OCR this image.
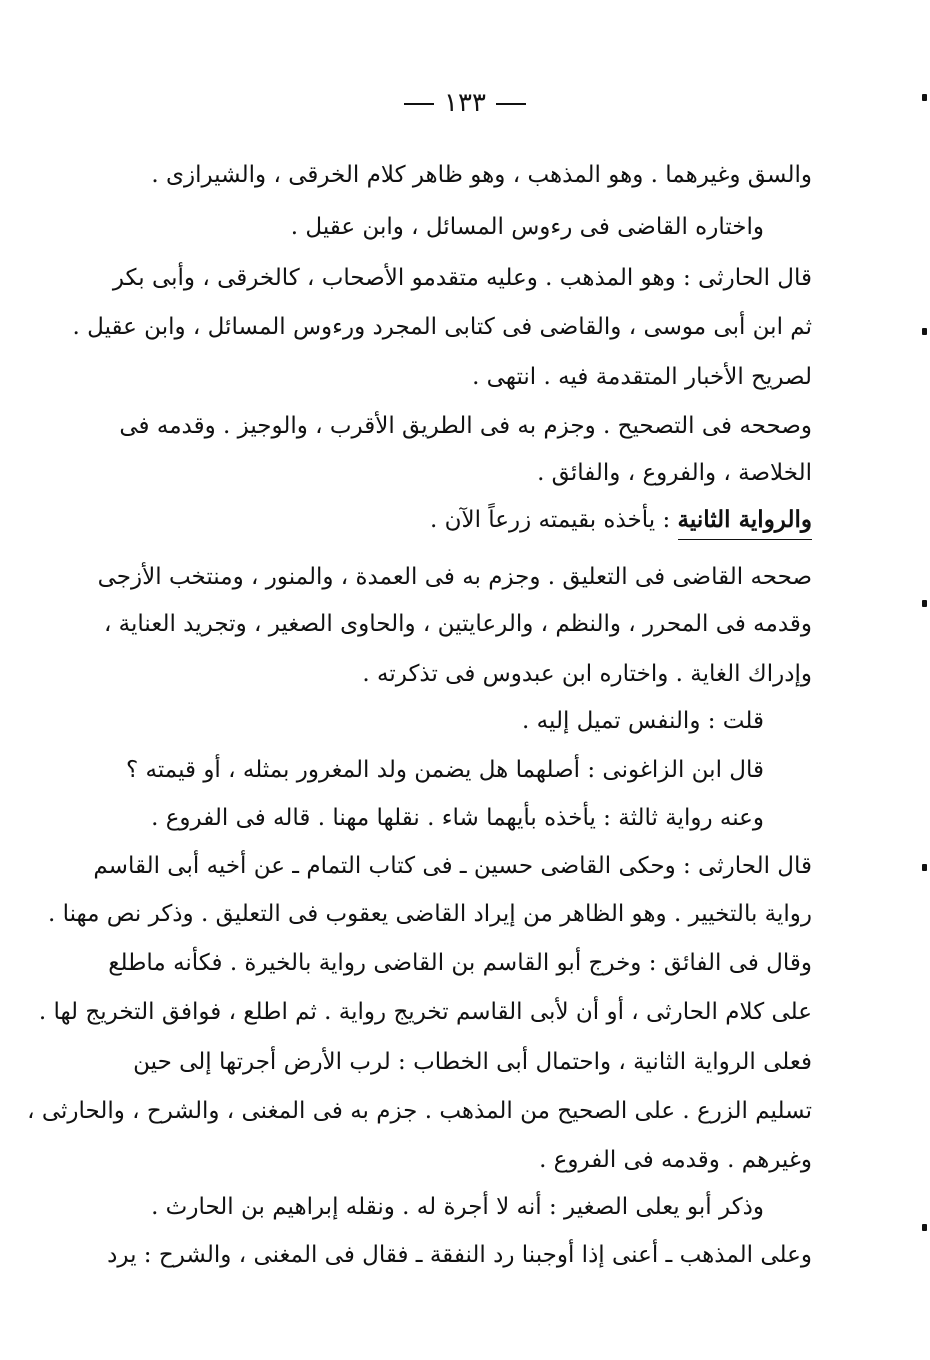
١٣٣
والسق وغيرهما . وهو المذهب ، وهو ظاهر كلام الخرقى ، والشيرازى .
واختاره القاضى فى رءوس المسائل ، وابن عقيل .
قال الحارثى : وهو المذهب . وعليه متقدمو الأصحاب ، كالخرقى ، وأبى بكر
ثم ابن أبى موسى ، والقاضى فى كتابى المجرد ورءوس المسائل ، وابن عقيل .
لصريح الأخبار المتقدمة فيه . انتهى .
وصححه فى التصحيح . وجزم به فى الطريق الأقرب ، والوجيز . وقدمه فى
الخلاصة ، والفروع ، والفائق .
والرواية الثانية : يأخذه بقيمته زرعاً الآن .
صححه القاضى فى التعليق . وجزم به فى العمدة ، والمنور ، ومنتخب الأزجى
وقدمه فى المحرر ، والنظم ، والرعايتين ، والحاوى الصغير ، وتجريد العناية ،
وإدراك الغاية . واختاره ابن عبدوس فى تذكرته .
قلت : والنفس تميل إليه .
قال ابن الزاغونى : أصلهما هل يضمن ولد المغرور بمثله ، أو قيمته ؟
وعنه رواية ثالثة : يأخذه بأيهما شاء . نقلها مهنا . قاله فى الفروع .
قال الحارثى : وحكى القاضى حسين ـ فى كتاب التمام ـ عن أخيه أبى القاسم
رواية بالتخيير . وهو الظاهر من إيراد القاضى يعقوب فى التعليق . وذكر نص مهنا .
وقال فى الفائق : وخرج أبو القاسم بن القاضى رواية بالخيرة . فكأنه ماطلع
على كلام الحارثى ، أو أن لأبى القاسم تخريج رواية . ثم اطلع ، فوافق التخريج لها .
فعلى الرواية الثانية ، واحتمال أبى الخطاب : لرب الأرض أجرتها إلى حين
تسليم الزرع . على الصحيح من المذهب . جزم به فى المغنى ، والشرح ، والحارثى ،
وغيرهم . وقدمه فى الفروع .
وذكر أبو يعلى الصغير : أنه لا أجرة له . ونقله إبراهيم بن الحارث .
وعلى المذهب ـ أعنى إذا أوجبنا رد النفقة ـ فقال فى المغنى ، والشرح : يرد
